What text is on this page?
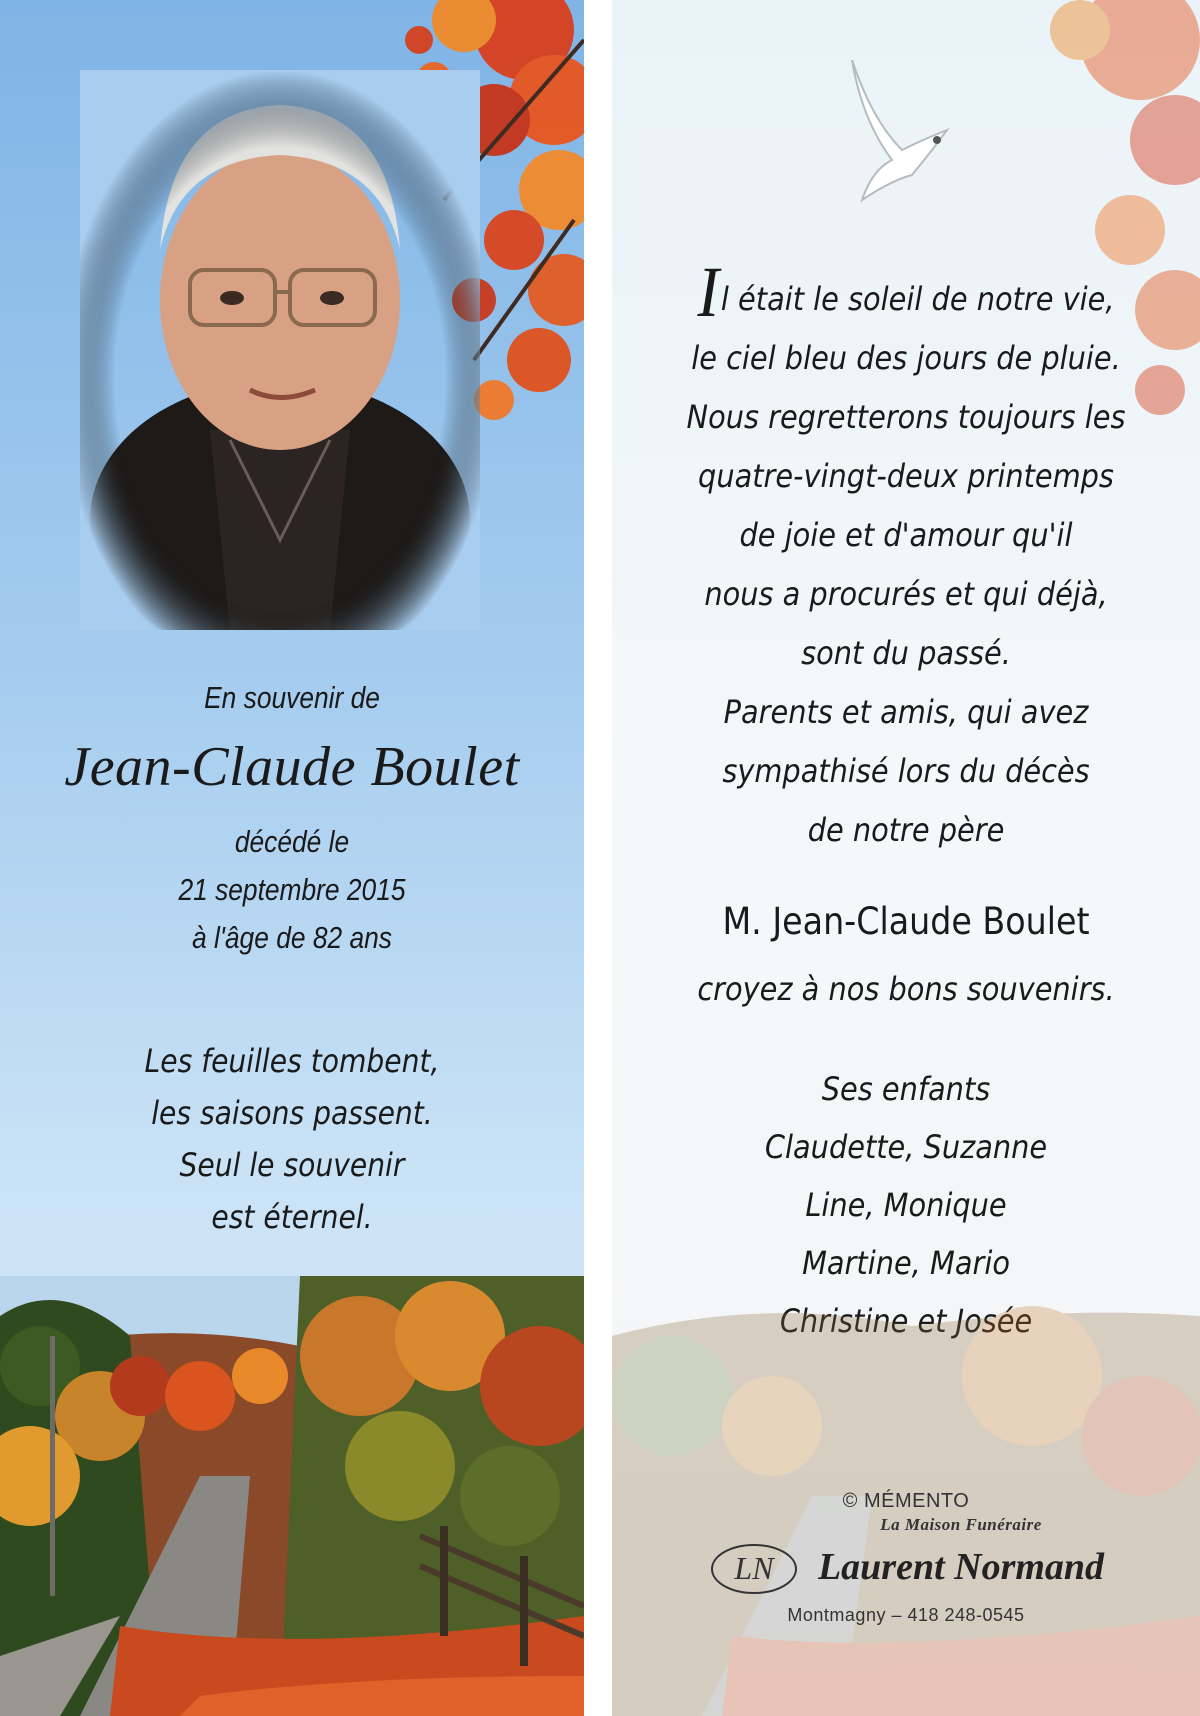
En souvenir de
Jean-Claude Boulet
décédé le
21 septembre 2015
à l'âge de 82 ans
Les feuilles tombent,
les saisons passent.
Seul le souvenir
est éternel.
Il était le soleil de notre vie,
le ciel bleu des jours de pluie.
Nous regretterons toujours les
quatre-vingt-deux printemps
de joie et d'amour qu'il
nous a procurés et qui déjà,
sont du passé.
Parents et amis, qui avez
sympathisé lors du décès
de notre père
M. Jean-Claude Boulet
croyez à nos bons souvenirs.
Ses enfants
Claudette, Suzanne
Line, Monique
Martine, Mario
Christine et Josée
© MÉMENTO
La Maison Funéraire
LN Laurent Normand
Montmagny – 418 248-0545
